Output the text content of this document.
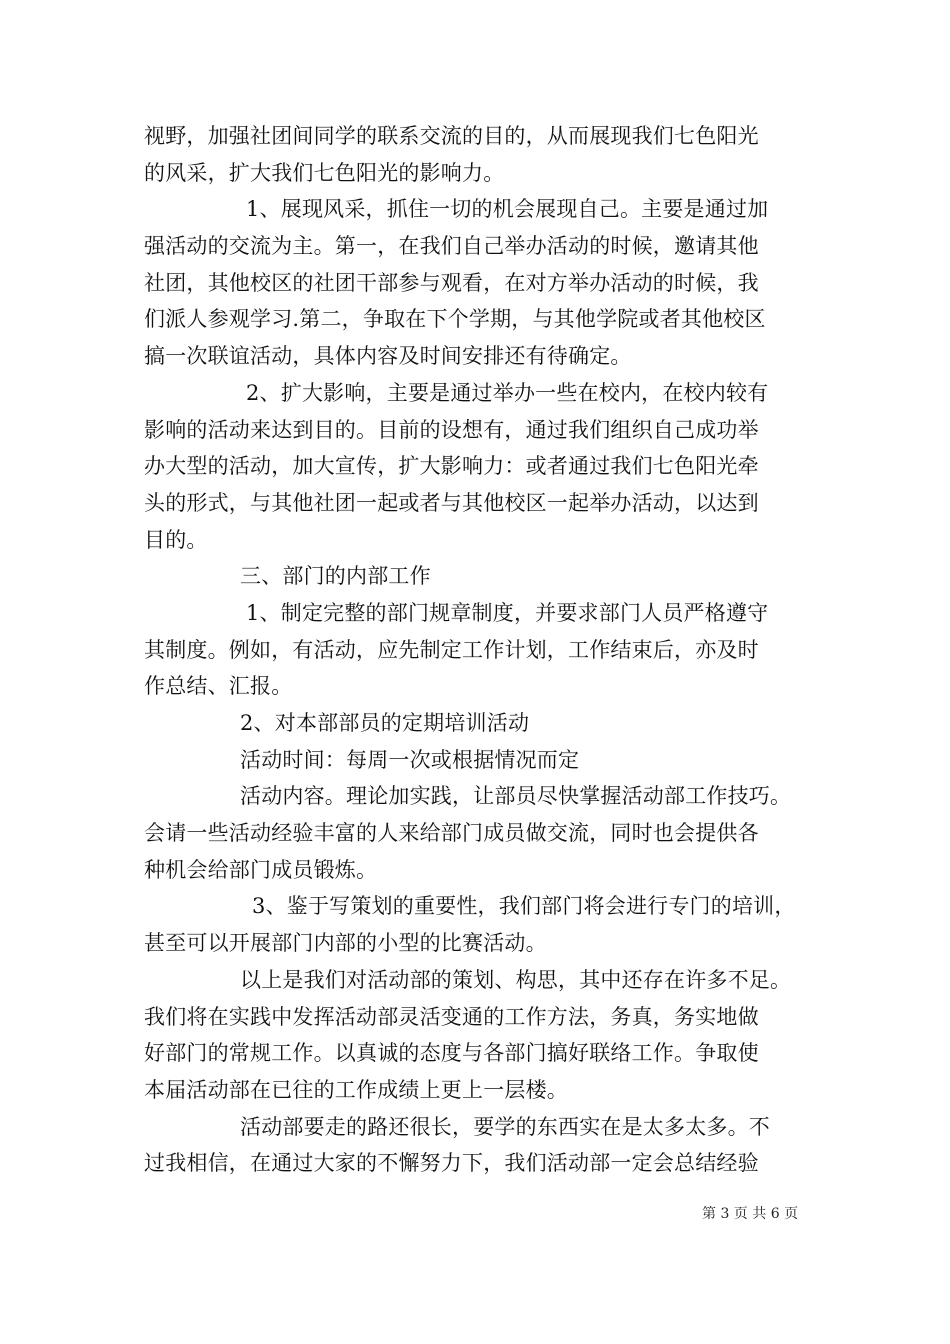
视野，加强社团间同学的联系交流的目的，从而展现我们七色阳光
的风采，扩大我们七色阳光的影响力。
1、展现风采，抓住一切的机会展现自己。主要是通过加
强活动的交流为主。第一，在我们自己举办活动的时候，邀请其他
社团，其他校区的社团干部参与观看，在对方举办活动的时候，我
们派人参观学习.第二，争取在下个学期，与其他学院或者其他校区
搞一次联谊活动，具体内容及时间安排还有待确定。
2、扩大影响，主要是通过举办一些在校内，在校内较有
影响的活动来达到目的。目前的设想有，通过我们组织自己成功举
办大型的活动，加大宣传，扩大影响力：或者通过我们七色阳光牵
头的形式，与其他社团一起或者与其他校区一起举办活动，以达到
目的。
三、部门的内部工作
1、制定完整的部门规章制度，并要求部门人员严格遵守
其制度。例如，有活动，应先制定工作计划，工作结束后，亦及时
作总结、汇报。
2、对本部部员的定期培训活动
活动时间：每周一次或根据情况而定
活动内容。理论加实践，让部员尽快掌握活动部工作技巧。
会请一些活动经验丰富的人来给部门成员做交流，同时也会提供各
种机会给部门成员锻炼。
3、鉴于写策划的重要性，我们部门将会进行专门的培训，
甚至可以开展部门内部的小型的比赛活动。
以上是我们对活动部的策划、构思，其中还存在许多不足。
我们将在实践中发挥活动部灵活变通的工作方法，务真，务实地做
好部门的常规工作。以真诚的态度与各部门搞好联络工作。争取使
本届活动部在已往的工作成绩上更上一层楼。
活动部要走的路还很长，要学的东西实在是太多太多。不
过我相信，在通过大家的不懈努力下，我们活动部一定会总结经验
第 3 页 共 6 页
